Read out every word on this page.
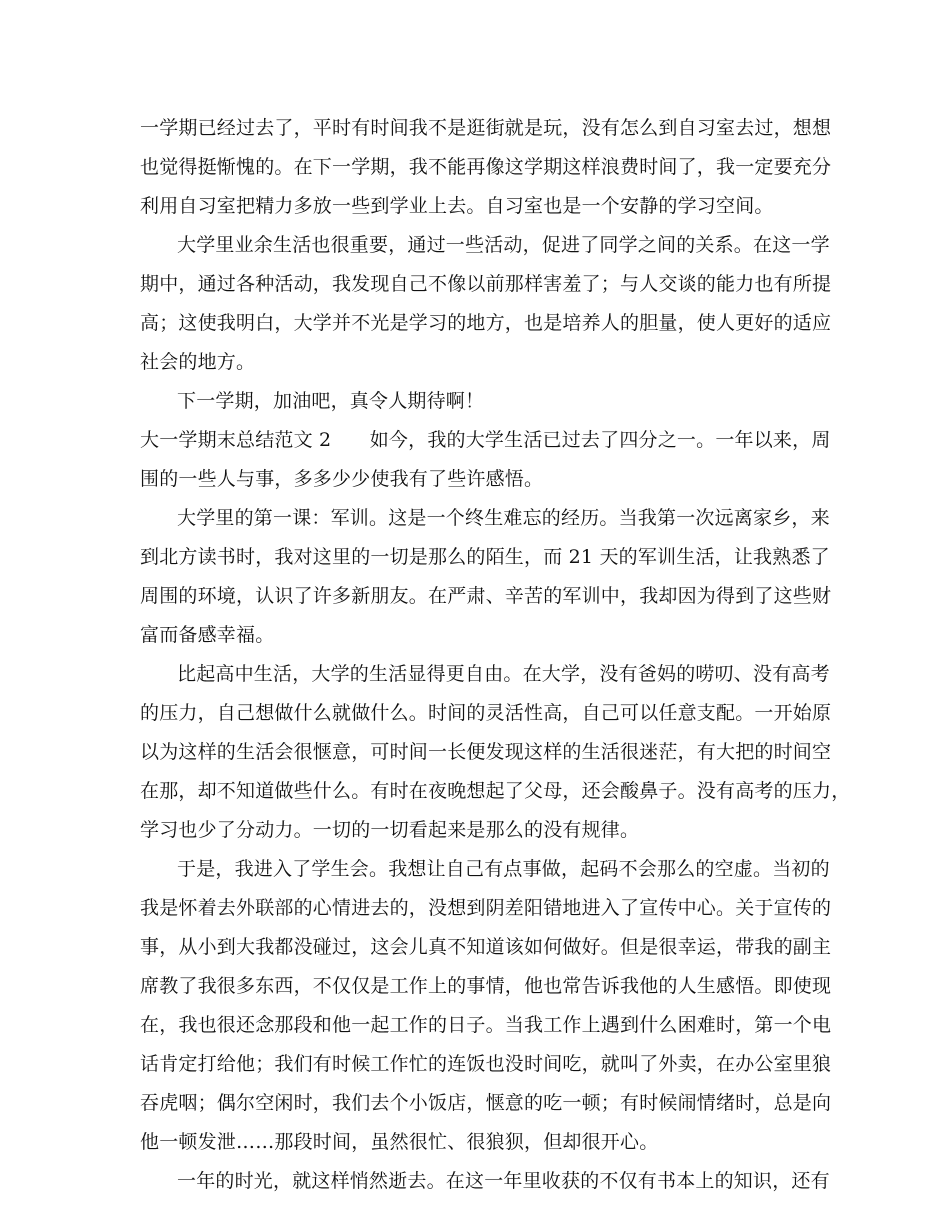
一学期已经过去了，平时有时间我不是逛街就是玩，没有怎么到自习室去过，想想
也觉得挺惭愧的。在下一学期，我不能再像这学期这样浪费时间了，我一定要充分
利用自习室把精力多放一些到学业上去。自习室也是一个安静的学习空间。
大学里业余生活也很重要，通过一些活动，促进了同学之间的关系。在这一学
期中，通过各种活动，我发现自己不像以前那样害羞了；与人交谈的能力也有所提
高；这使我明白，大学并不光是学习的地方，也是培养人的胆量，使人更好的适应
社会的地方。
下一学期，加油吧，真令人期待啊！
大一学期末总结范文 2　　如今，我的大学生活已过去了四分之一。一年以来，周
围的一些人与事，多多少少使我有了些许感悟。
大学里的第一课：军训。这是一个终生难忘的经历。当我第一次远离家乡，来
到北方读书时，我对这里的一切是那么的陌生，而 21 天的军训生活，让我熟悉了
周围的环境，认识了许多新朋友。在严肃、辛苦的军训中，我却因为得到了这些财
富而备感幸福。
比起高中生活，大学的生活显得更自由。在大学，没有爸妈的唠叨、没有高考
的压力，自己想做什么就做什么。时间的灵活性高，自己可以任意支配。一开始原
以为这样的生活会很惬意，可时间一长便发现这样的生活很迷茫，有大把的时间空
在那，却不知道做些什么。有时在夜晚想起了父母，还会酸鼻子。没有高考的压力，
学习也少了分动力。一切的一切看起来是那么的没有规律。
于是，我进入了学生会。我想让自己有点事做，起码不会那么的空虚。当初的
我是怀着去外联部的心情进去的，没想到阴差阳错地进入了宣传中心。关于宣传的
事，从小到大我都没碰过，这会儿真不知道该如何做好。但是很幸运，带我的副主
席教了我很多东西，不仅仅是工作上的事情，他也常告诉我他的人生感悟。即使现
在，我也很还念那段和他一起工作的日子。当我工作上遇到什么困难时，第一个电
话肯定打给他；我们有时候工作忙的连饭也没时间吃，就叫了外卖，在办公室里狼
吞虎咽；偶尔空闲时，我们去个小饭店，惬意的吃一顿；有时候闹情绪时，总是向
他一顿发泄……那段时间，虽然很忙、很狼狈，但却很开心。
一年的时光，就这样悄然逝去。在这一年里收获的不仅有书本上的知识，还有
